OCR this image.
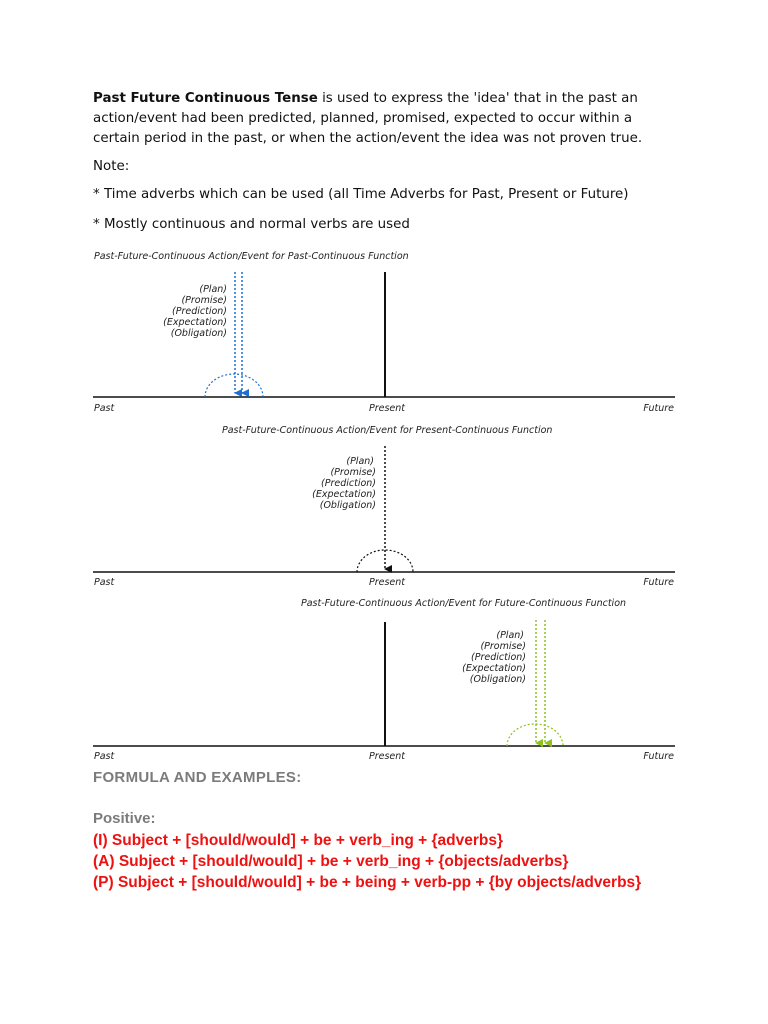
Past Future Continuous Tense is used to express the 'idea' that in the past an action/event had been predicted, planned, promised, expected to occur within a certain period in the past, or when the action/event the idea was not proven true.

Note:

* Time adverbs which can be used (all Time Adverbs for Past, Present or Future)

* Mostly continuous and normal verbs are used

Past-Future-Continuous Action/Event for Past-Continuous Function
(Plan)
(Promise)
(Prediction)
(Expectation)
(Obligation)
Past	Present	Future
Past-Future-Continuous Action/Event for Present-Continuous Function
(Plan)
(Promise)
(Prediction)
(Expectation)
(Obligation)
Past	Present	Future
Past-Future-Continuous Action/Event for Future-Continuous Function
(Plan)
(Promise)
(Prediction)
(Expectation)
(Obligation)
Past	Present	Future

FORMULA AND EXAMPLES:

Positive:

(I) Subject + [should/would] + be + verb_ing + {adverbs}

(A) Subject + [should/would] + be + verb_ing + {objects/adverbs}

(P) Subject + [should/would] + be + being + verb-pp + {by objects/adverbs}
